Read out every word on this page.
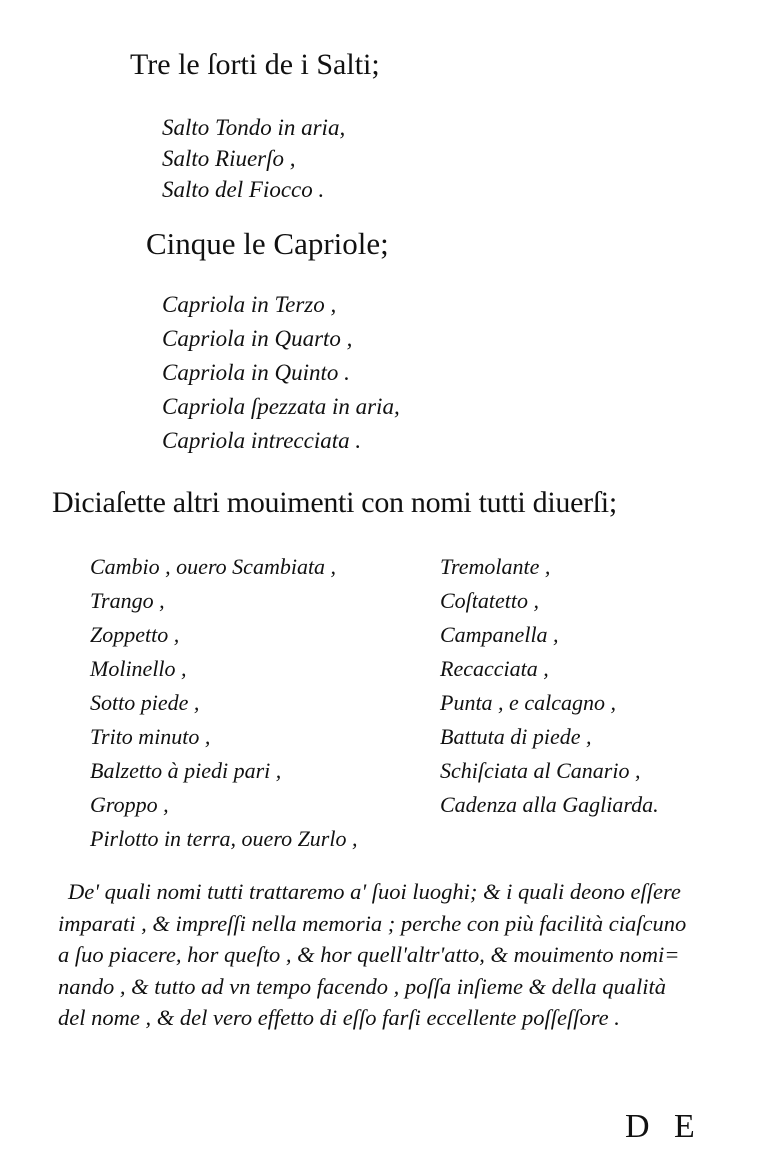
Tre le ſorti de i Salti;
Salto Tondo in aria,
Salto Riuerſo ,
Salto del Fiocco .
Cinque le Capriole;
Capriola in Terzo ,
Capriola in Quarto ,
Capriola in Quinto .
Capriola ſpezzata in aria,
Capriola intrecciata .
Diciaſette altri mouimenti con nomi tutti diuerſi;
Cambio , ouero Scambiata ,
Trango ,
Zoppetto ,
Molinello ,
Sotto piede ,
Trito minuto ,
Balzetto à piedi pari ,
Groppo ,
Pirlotto in terra, ouero Zurlo ,
Tremolante ,
Coſtatetto ,
Campanella ,
Recacciata ,
Punta , e calcagno ,
Battuta di piede ,
Schiſciata al Canario ,
Cadenza alla Gagliarda.
De' quali nomi tutti trattaremo a' ſuoi luoghi; & i quali deono eſſere
imparati , & impreſſi nella memoria ; perche con più facilità ciaſcuno
a ſuo piacere, hor queſto , & hor quell'altr'atto, & mouimento nomi=
nando , & tutto ad vn tempo facendo , poſſa inſieme & della qualità
del nome , & del vero effetto di eſſo farſi eccellente poſſeſſore .
D E
